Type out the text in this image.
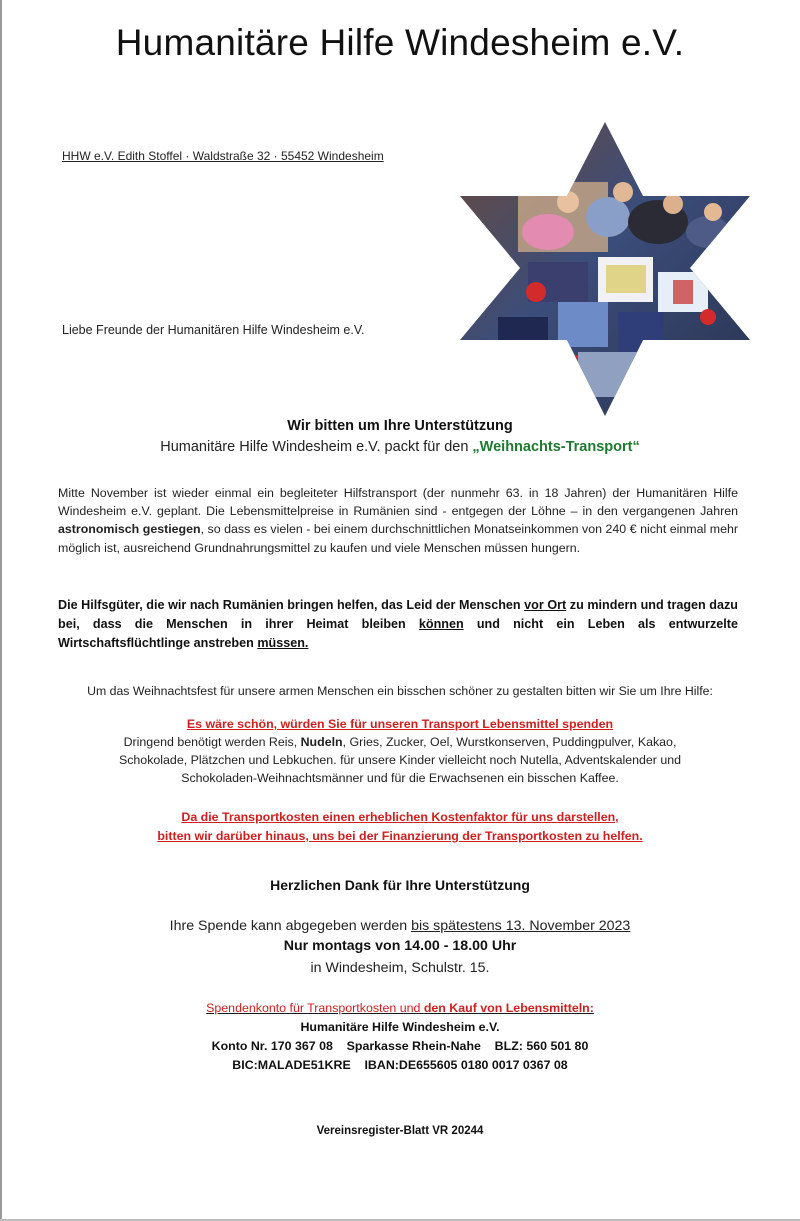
Humanitäre Hilfe Windesheim e.V.
HHW e.V. Edith Stoffel · Waldstraße 32 · 55452 Windesheim
Liebe Freunde der Humanitären Hilfe Windesheim e.V.
Wir bitten um Ihre Unterstützung
Humanitäre Hilfe Windesheim e.V. packt für den „Weihnachts-Transport“
Mitte November ist wieder einmal ein begleiteter Hilfstransport (der nunmehr 63. in 18 Jahren) der Humanitären Hilfe Windesheim e.V. geplant. Die Lebensmittelpreise in Rumänien sind - entgegen der Löhne – in den vergangenen Jahren astronomisch gestiegen, so dass es vielen - bei einem durchschnittlichen Monatseinkommen von 240 € nicht einmal mehr möglich ist, ausreichend Grundnahrungsmittel zu kaufen und viele Menschen müssen hungern.
Die Hilfsgüter, die wir nach Rumänien bringen helfen, das Leid der Menschen vor Ort zu mindern und tragen dazu bei, dass die Menschen in ihrer Heimat bleiben können und nicht ein Leben als entwurzelte Wirtschaftsflüchtlinge anstreben müssen.
Um das Weihnachtsfest für unsere armen Menschen ein bisschen schöner zu gestalten bitten wir Sie um Ihre Hilfe:
Es wäre schön, würden Sie für unseren Transport Lebensmittel spenden
Dringend benötigt werden Reis, Nudeln, Gries, Zucker, Oel, Wurstkonserven, Puddingpulver, Kakao,
Schokolade, Plätzchen und Lebkuchen. für unsere Kinder vielleicht noch Nutella, Adventskalender und
Schokoladen-Weihnachtsmänner und für die Erwachsenen ein bisschen Kaffee.
Da die Transportkosten einen erheblichen Kostenfaktor für uns darstellen,
bitten wir darüber hinaus, uns bei der Finanzierung der Transportkosten zu helfen.
Herzlichen Dank für Ihre Unterstützung
Ihre Spende kann abgegeben werden bis spätestens 13. November 2023
Nur montags von 14.00 - 18.00 Uhr
in Windesheim, Schulstr. 15.
Spendenkonto für Transportkosten und den Kauf von Lebensmitteln:
Humanitäre Hilfe Windesheim e.V.
Konto Nr. 170 367 08    Sparkasse Rhein-Nahe    BLZ: 560 501 80
BIC:MALADE51KRE    IBAN:DE655605 0180 0017 0367 08
Vereinsregister-Blatt VR 20244
